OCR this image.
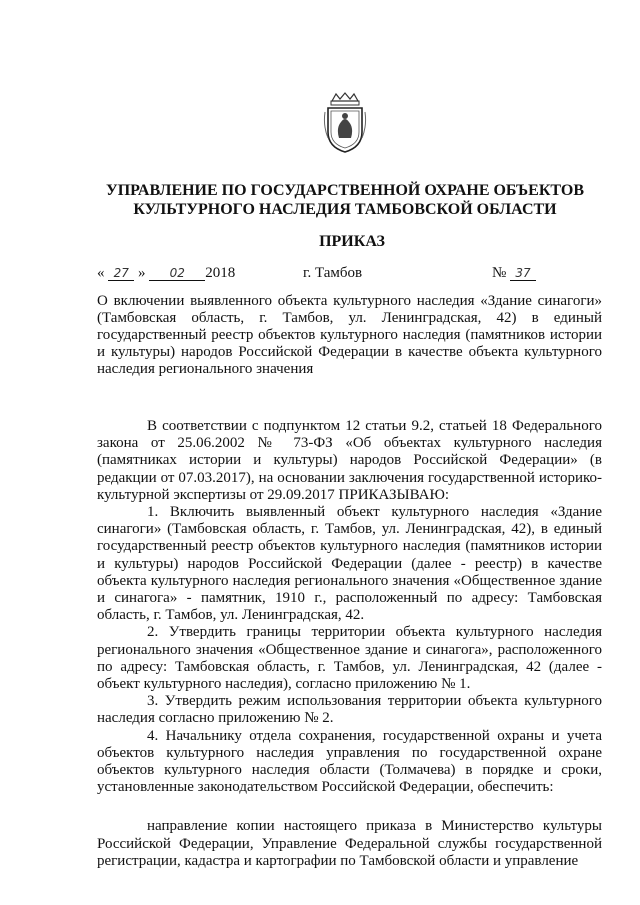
УПРАВЛЕНИЕ ПО ГОСУДАРСТВЕННОЙ ОХРАНЕ ОБЪЕКТОВ
КУЛЬТУРНОГО НАСЛЕДИЯ ТАМБОВСКОЙ ОБЛАСТИ
ПРИКАЗ
« 27 » 02 2018	г. Тамбов	№ 37
О включении выявленного объекта культурного наследия «Здание синагоги» (Тамбовская область, г. Тамбов, ул. Ленинградская, 42) в единый государственный реестр объектов культурного наследия (памятников истории и культуры) народов Российской Федерации в качестве объекта культурного наследия регионального значения

В соответствии с подпунктом 12 статьи 9.2, статьей 18 Федерального закона от 25.06.2002 № 73-ФЗ «Об объектах культурного наследия (памятниках истории и культуры) народов Российской Федерации» (в редакции от 07.03.2017), на основании заключения государственной историко-культурной экспертизы от 29.09.2017 ПРИКАЗЫВАЮ:

1. Включить выявленный объект культурного наследия «Здание синагоги» (Тамбовская область, г. Тамбов, ул. Ленинградская, 42), в единый государственный реестр объектов культурного наследия (памятников истории и культуры) народов Российской Федерации (далее - реестр) в качестве объекта культурного наследия регионального значения «Общественное здание и синагога» - памятник, 1910 г., расположенный по адресу: Тамбовская область, г. Тамбов, ул. Ленинградская, 42.

2. Утвердить границы территории объекта культурного наследия регионального значения «Общественное здание и синагога», расположенного по адресу: Тамбовская область, г. Тамбов, ул. Ленинградская, 42 (далее - объект культурного наследия), согласно приложению № 1.

3. Утвердить режим использования территории объекта культурного наследия согласно приложению № 2.

4. Начальнику отдела сохранения, государственной охраны и учета объектов культурного наследия управления по государственной охране объектов культурного наследия области (Толмачева) в порядке и сроки, установленные законодательством Российской Федерации, обеспечить:

направление копии настоящего приказа в Министерство культуры Российской Федерации, Управление Федеральной службы государственной регистрации, кадастра и картографии по Тамбовской области и управление
